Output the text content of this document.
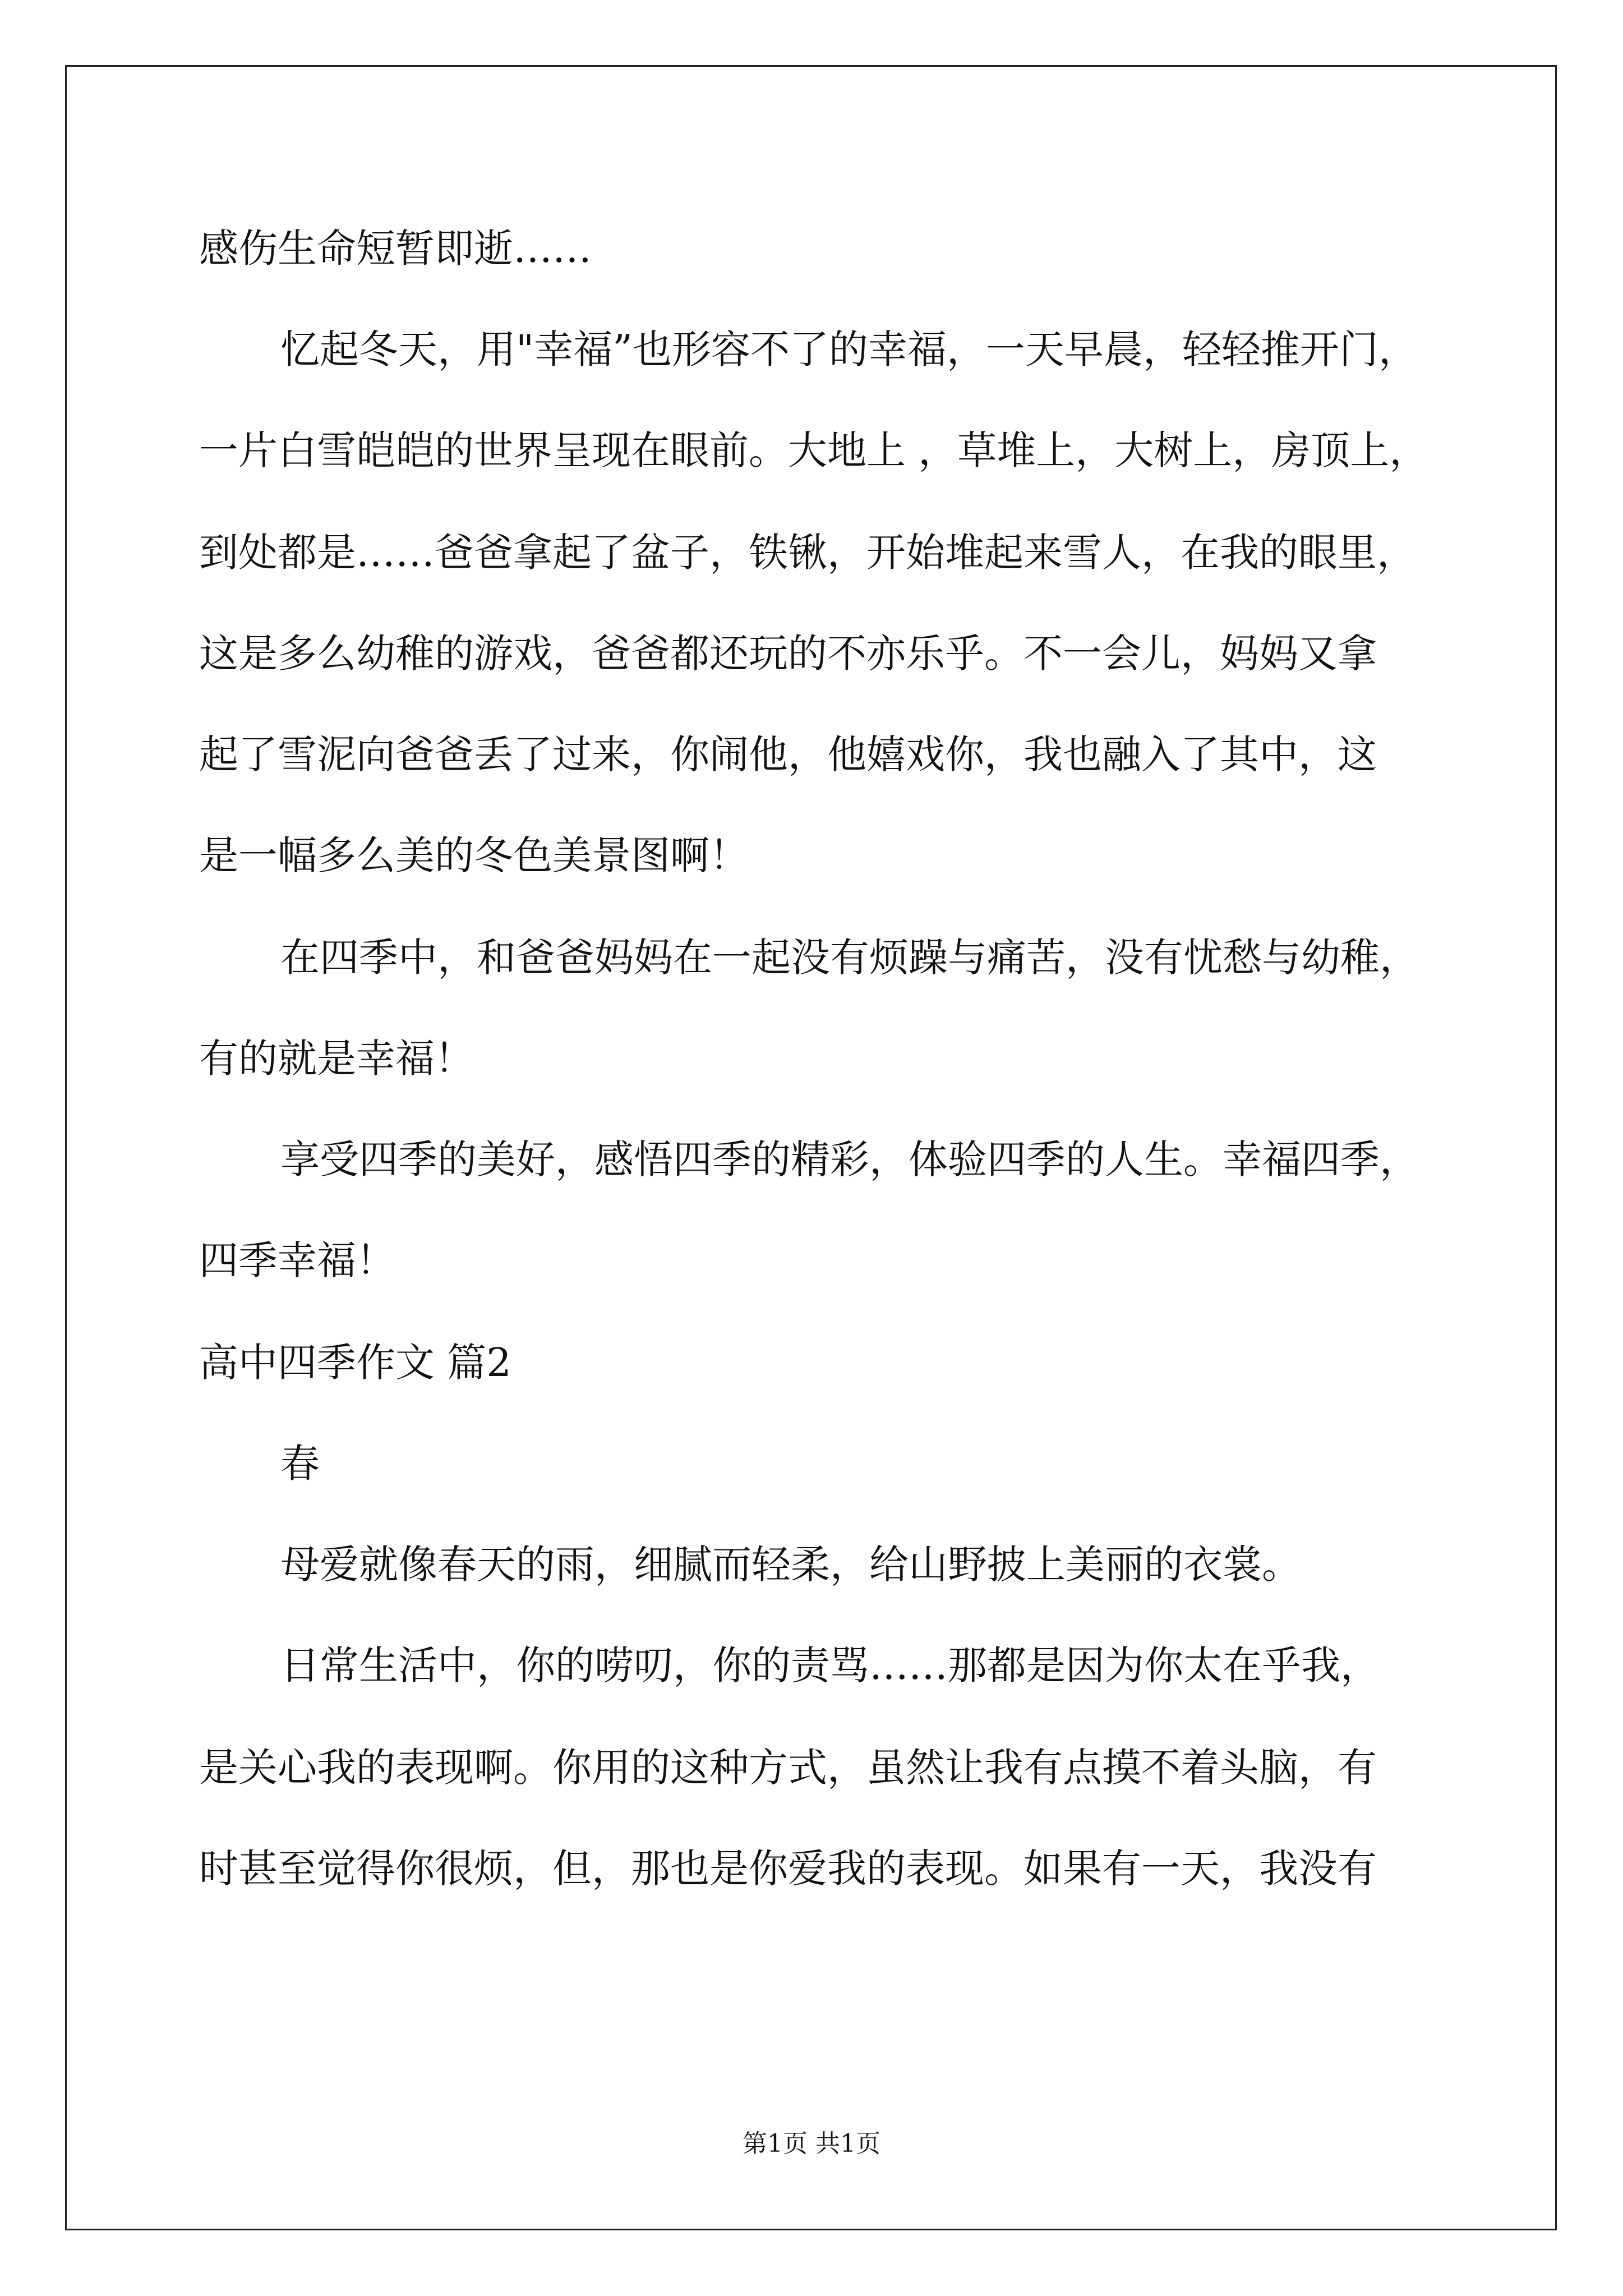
感伤生命短暂即逝……
忆起冬天，用"幸福”也形容不了的幸福，一天早晨，轻轻推开门，
一片白雪皑皑的世界呈现在眼前。大地上 ，草堆上，大树上，房顶上，
到处都是……爸爸拿起了盆子，铁锹，开始堆起来雪人，在我的眼里，
这是多么幼稚的游戏，爸爸都还玩的不亦乐乎。不一会儿，妈妈又拿
起了雪泥向爸爸丢了过来，你闹他，他嬉戏你，我也融入了其中，这
是一幅多么美的冬色美景图啊！
在四季中，和爸爸妈妈在一起没有烦躁与痛苦，没有忧愁与幼稚，
有的就是幸福！
享受四季的美好，感悟四季的精彩，体验四季的人生。幸福四季，
四季幸福！
高中四季作文 篇2
春
母爱就像春天的雨，细腻而轻柔，给山野披上美丽的衣裳。
日常生活中，你的唠叨，你的责骂……那都是因为你太在乎我，
是关心我的表现啊。你用的这种方式，虽然让我有点摸不着头脑，有
时甚至觉得你很烦，但，那也是你爱我的表现。如果有一天，我没有
第1页 共1页
